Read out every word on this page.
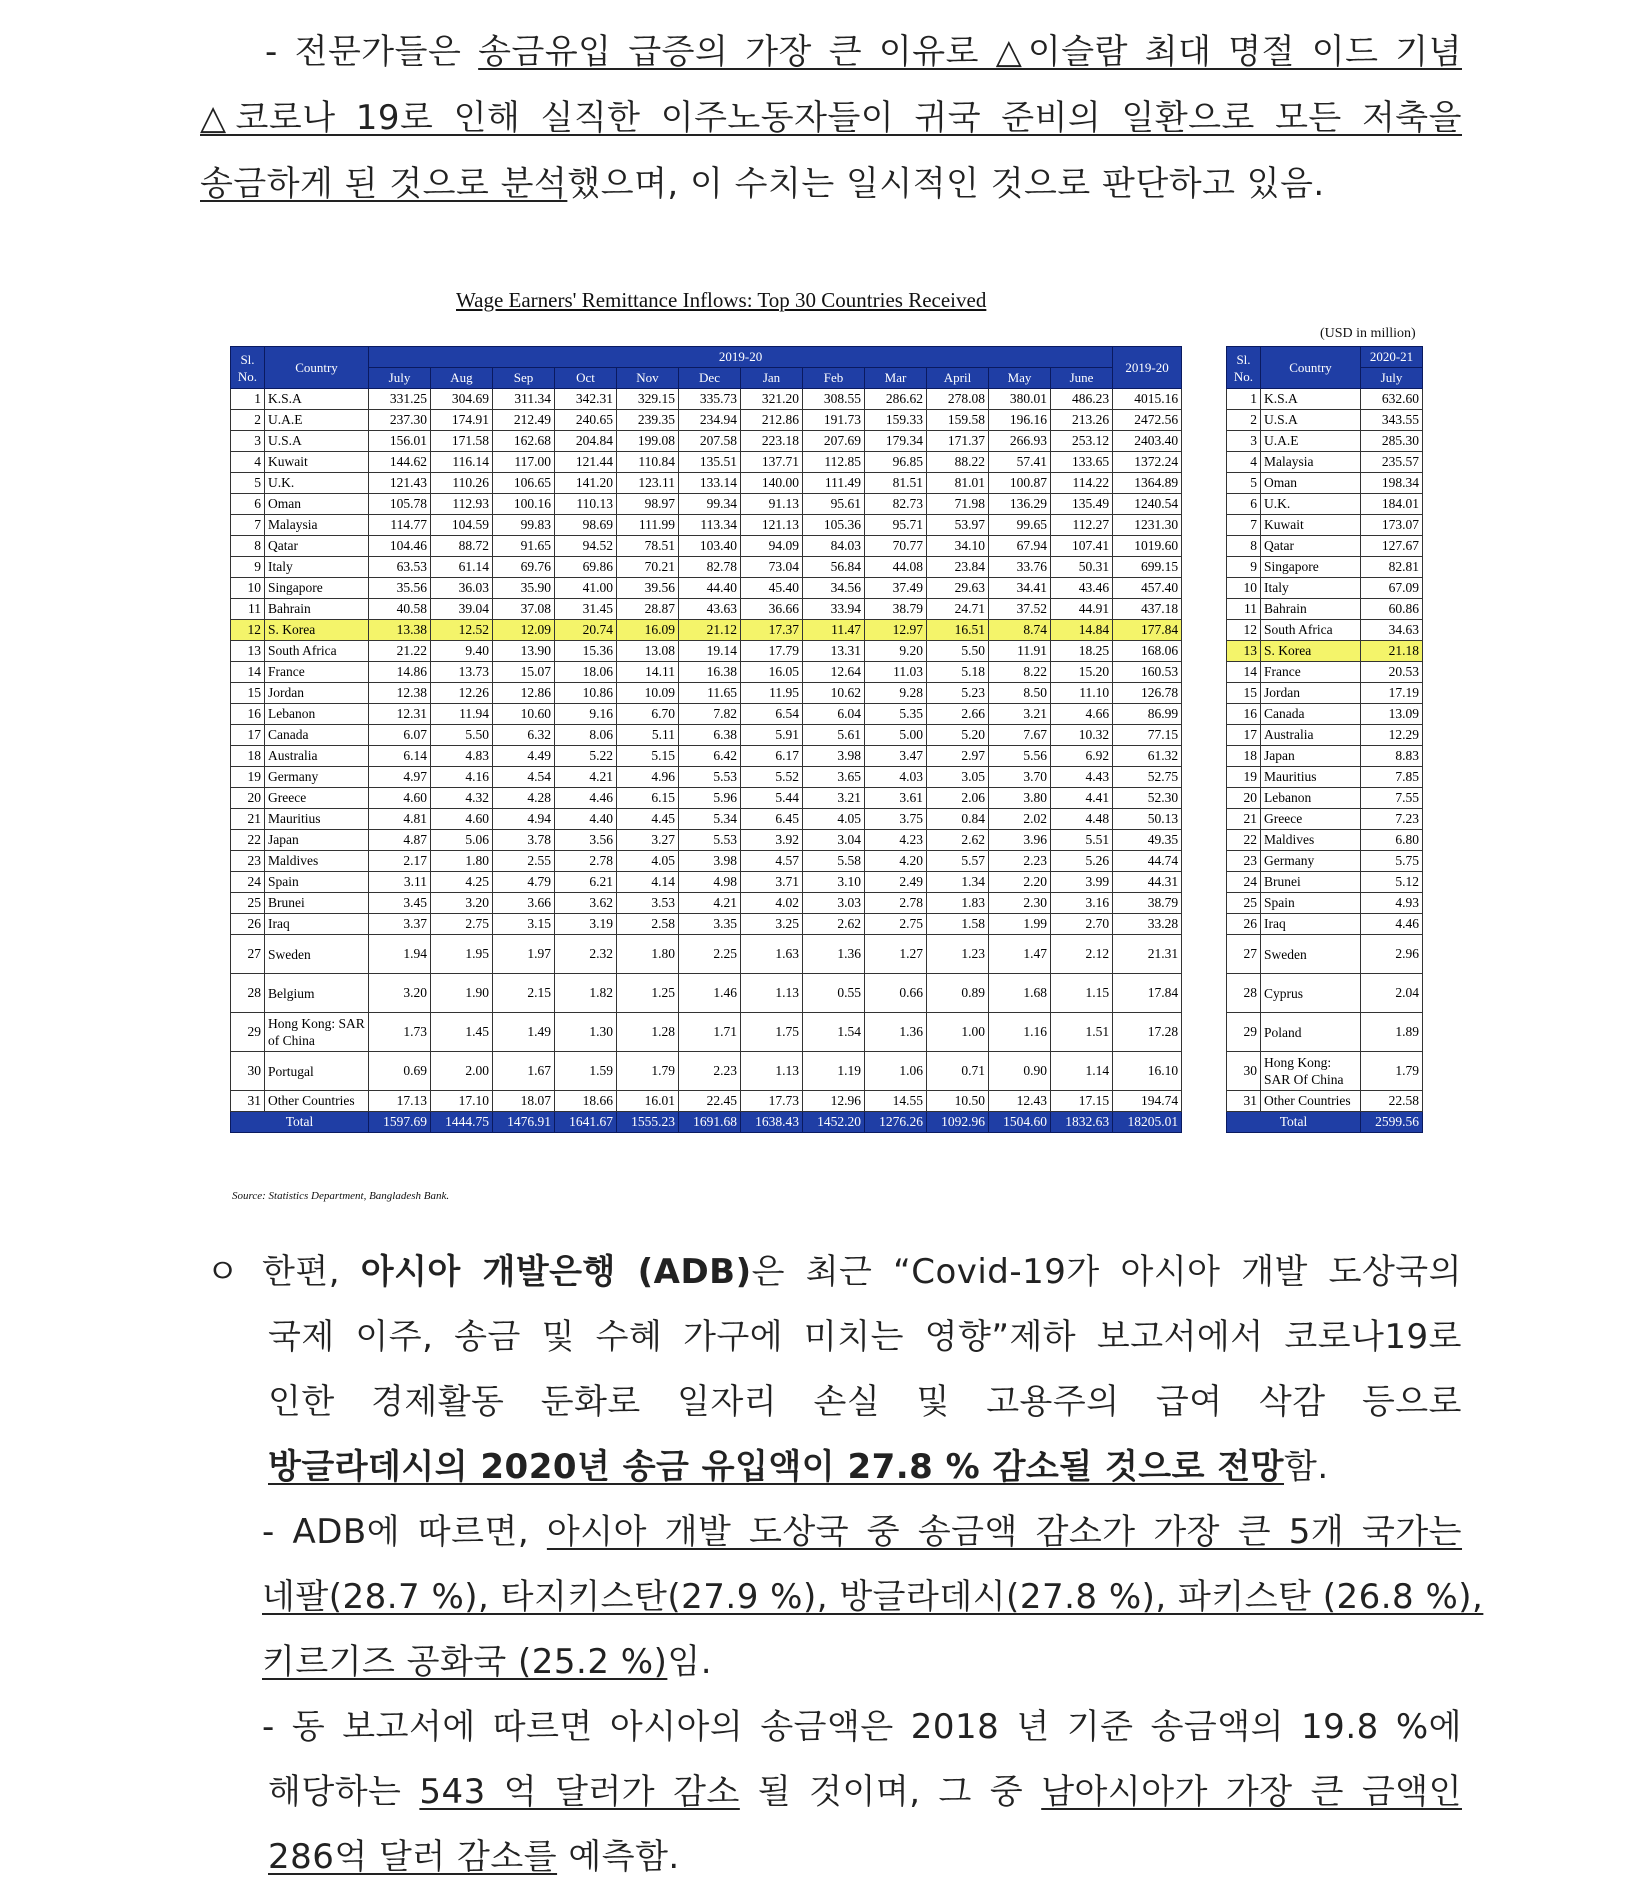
- 전문가들은 송금유입 급증의 가장 큰 이유로 △이슬람 최대 명절 이드 기념
△코로나 19로 인해 실직한 이주노동자들이 귀국 준비의 일환으로 모든 저축을
송금하게 된 것으로 분석했으며, 이 수치는 일시적인 것으로 판단하고 있음.
Wage Earners' Remittance Inflows: Top 30 Countries Received
(USD in million)
Sl. No.	Country	2019-20												2019-20
		July	Aug	Sep	Oct	Nov	Dec	Jan	Feb	Mar	April	May	June	
1	K.S.A	331.25	304.69	311.34	342.31	329.15	335.73	321.20	308.55	286.62	278.08	380.01	486.23	4015.16
2	U.A.E	237.30	174.91	212.49	240.65	239.35	234.94	212.86	191.73	159.33	159.58	196.16	213.26	2472.56
3	U.S.A	156.01	171.58	162.68	204.84	199.08	207.58	223.18	207.69	179.34	171.37	266.93	253.12	2403.40
4	Kuwait	144.62	116.14	117.00	121.44	110.84	135.51	137.71	112.85	96.85	88.22	57.41	133.65	1372.24
5	U.K.	121.43	110.26	106.65	141.20	123.11	133.14	140.00	111.49	81.51	81.01	100.87	114.22	1364.89
6	Oman	105.78	112.93	100.16	110.13	98.97	99.34	91.13	95.61	82.73	71.98	136.29	135.49	1240.54
7	Malaysia	114.77	104.59	99.83	98.69	111.99	113.34	121.13	105.36	95.71	53.97	99.65	112.27	1231.30
8	Qatar	104.46	88.72	91.65	94.52	78.51	103.40	94.09	84.03	70.77	34.10	67.94	107.41	1019.60
9	Italy	63.53	61.14	69.76	69.86	70.21	82.78	73.04	56.84	44.08	23.84	33.76	50.31	699.15
10	Singapore	35.56	36.03	35.90	41.00	39.56	44.40	45.40	34.56	37.49	29.63	34.41	43.46	457.40
11	Bahrain	40.58	39.04	37.08	31.45	28.87	43.63	36.66	33.94	38.79	24.71	37.52	44.91	437.18
12	S. Korea	13.38	12.52	12.09	20.74	16.09	21.12	17.37	11.47	12.97	16.51	8.74	14.84	177.84
13	South Africa	21.22	9.40	13.90	15.36	13.08	19.14	17.79	13.31	9.20	5.50	11.91	18.25	168.06
14	France	14.86	13.73	15.07	18.06	14.11	16.38	16.05	12.64	11.03	5.18	8.22	15.20	160.53
15	Jordan	12.38	12.26	12.86	10.86	10.09	11.65	11.95	10.62	9.28	5.23	8.50	11.10	126.78
16	Lebanon	12.31	11.94	10.60	9.16	6.70	7.82	6.54	6.04	5.35	2.66	3.21	4.66	86.99
17	Canada	6.07	5.50	6.32	8.06	5.11	6.38	5.91	5.61	5.00	5.20	7.67	10.32	77.15
18	Australia	6.14	4.83	4.49	5.22	5.15	6.42	6.17	3.98	3.47	2.97	5.56	6.92	61.32
19	Germany	4.97	4.16	4.54	4.21	4.96	5.53	5.52	3.65	4.03	3.05	3.70	4.43	52.75
20	Greece	4.60	4.32	4.28	4.46	6.15	5.96	5.44	3.21	3.61	2.06	3.80	4.41	52.30
21	Mauritius	4.81	4.60	4.94	4.40	4.45	5.34	6.45	4.05	3.75	0.84	2.02	4.48	50.13
22	Japan	4.87	5.06	3.78	3.56	3.27	5.53	3.92	3.04	4.23	2.62	3.96	5.51	49.35
23	Maldives	2.17	1.80	2.55	2.78	4.05	3.98	4.57	5.58	4.20	5.57	2.23	5.26	44.74
24	Spain	3.11	4.25	4.79	6.21	4.14	4.98	3.71	3.10	2.49	1.34	2.20	3.99	44.31
25	Brunei	3.45	3.20	3.66	3.62	3.53	4.21	4.02	3.03	2.78	1.83	2.30	3.16	38.79
26	Iraq	3.37	2.75	3.15	3.19	2.58	3.35	3.25	2.62	2.75	1.58	1.99	2.70	33.28
27	Sweden	1.94	1.95	1.97	2.32	1.80	2.25	1.63	1.36	1.27	1.23	1.47	2.12	21.31
28	Belgium	3.20	1.90	2.15	1.82	1.25	1.46	1.13	0.55	0.66	0.89	1.68	1.15	17.84
29	Hong Kong: SAR of China	1.73	1.45	1.49	1.30	1.28	1.71	1.75	1.54	1.36	1.00	1.16	1.51	17.28
30	Portugal	0.69	2.00	1.67	1.59	1.79	2.23	1.13	1.19	1.06	0.71	0.90	1.14	16.10
31	Other Countries	17.13	17.10	18.07	18.66	16.01	22.45	17.73	12.96	14.55	10.50	12.43	17.15	194.74
Total		1597.69	1444.75	1476.91	1641.67	1555.23	1691.68	1638.43	1452.20	1276.26	1092.96	1504.60	1832.63	18205.01
Sl. No.	Country	2020-21
		July
1	K.S.A	632.60
2	U.S.A	343.55
3	U.A.E	285.30
4	Malaysia	235.57
5	Oman	198.34
6	U.K.	184.01
7	Kuwait	173.07
8	Qatar	127.67
9	Singapore	82.81
10	Italy	67.09
11	Bahrain	60.86
12	South Africa	34.63
13	S. Korea	21.18
14	France	20.53
15	Jordan	17.19
16	Canada	13.09
17	Australia	12.29
18	Japan	8.83
19	Mauritius	7.85
20	Lebanon	7.55
21	Greece	7.23
22	Maldives	6.80
23	Germany	5.75
24	Brunei	5.12
25	Spain	4.93
26	Iraq	4.46
27	Sweden	2.96
28	Cyprus	2.04
29	Poland	1.89
30	Hong Kong: SAR Of China	1.79
31	Other Countries	22.58
Total		2599.56
Source: Statistics Department, Bangladesh Bank.
ㅇ 한편, 아시아 개발은행 (ADB)은 최근 “Covid-19가 아시아 개발 도상국의
국제 이주, 송금 및 수혜 가구에 미치는 영향”제하 보고서에서 코로나19로
인한 경제활동 둔화로 일자리 손실 및 고용주의 급여 삭감 등으로
방글라데시의 2020년 송금 유입액이 27.8 % 감소될 것으로 전망함.
- ADB에 따르면, 아시아 개발 도상국 중 송금액 감소가 가장 큰 5개 국가는
네팔(28.7 %), 타지키스탄(27.9 %), 방글라데시(27.8 %), 파키스탄 (26.8 %),
키르기즈 공화국 (25.2 %)임.
- 동 보고서에 따르면 아시아의 송금액은 2018 년 기준 송금액의 19.8 %에
해당하는 543 억 달러가 감소 될 것이며, 그 중 남아시아가 가장 큰 금액인
286억 달러 감소를 예측함.
